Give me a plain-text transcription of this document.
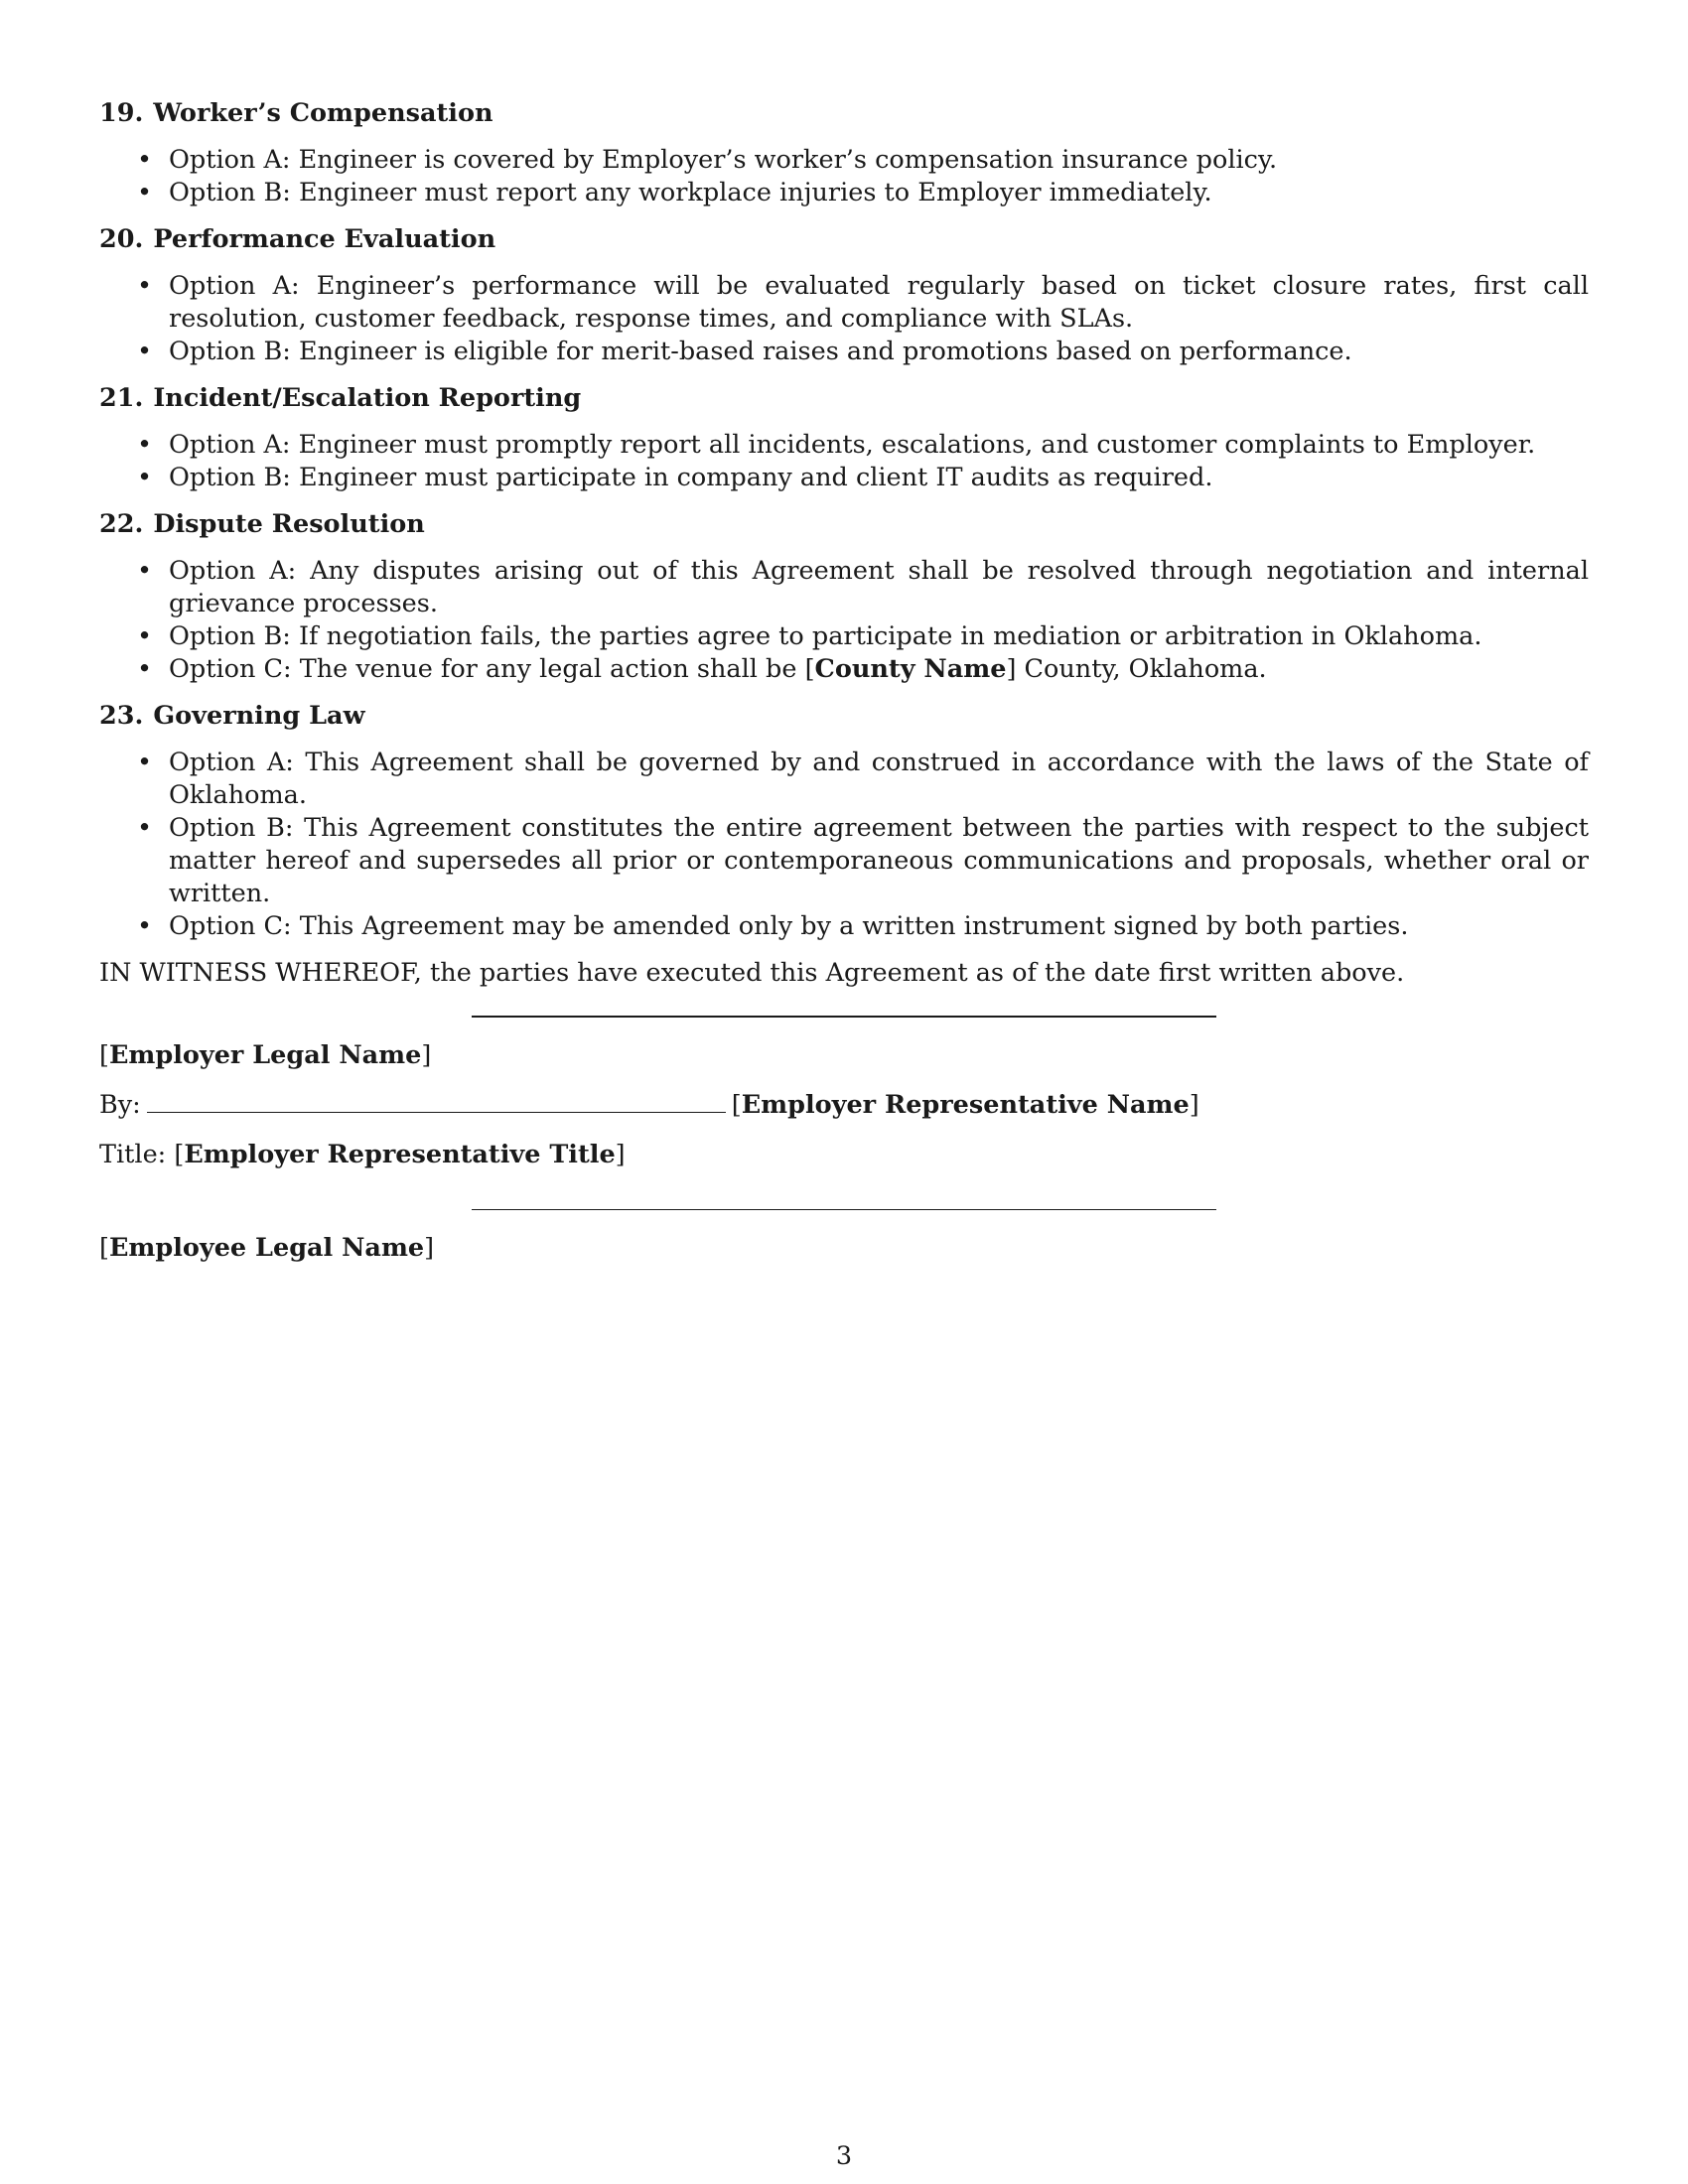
19. Worker’s Compensation
• Option A: Engineer is covered by Employer’s worker’s compensation insurance policy.
• Option B: Engineer must report any workplace injuries to Employer immediately.
20. Performance Evaluation
• Option A: Engineer’s performance will be evaluated regularly based on ticket closure rates, first call resolution, customer feedback, response times, and compliance with SLAs.
• Option B: Engineer is eligible for merit-based raises and promotions based on performance.
21. Incident/Escalation Reporting
• Option A: Engineer must promptly report all incidents, escalations, and customer complaints to Employer.
• Option B: Engineer must participate in company and client IT audits as required.
22. Dispute Resolution
• Option A: Any disputes arising out of this Agreement shall be resolved through negotiation and internal grievance processes.
• Option B: If negotiation fails, the parties agree to participate in mediation or arbitration in Oklahoma.
• Option C: The venue for any legal action shall be [County Name] County, Oklahoma.
23. Governing Law
• Option A: This Agreement shall be governed by and construed in accordance with the laws of the State of Oklahoma.
• Option B: This Agreement constitutes the entire agreement between the parties with respect to the subject matter hereof and supersedes all prior or contemporaneous communications and proposals, whether oral or written.
• Option C: This Agreement may be amended only by a written instrument signed by both parties.

IN WITNESS WHEREOF, the parties have executed this Agreement as of the date first written above.

[Employer Legal Name]
By:	[Employer Representative Name]
Title: [Employer Representative Title]
[Employee Legal Name]
3
